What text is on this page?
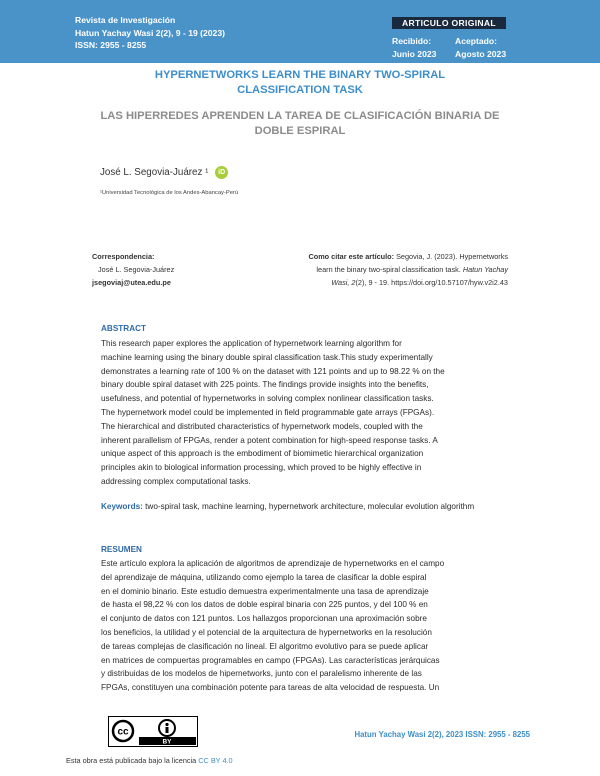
Revista de Investigación
Hatun Yachay Wasi 2(2), 9 - 19 (2023)
ISSN: 2955 - 8255
ARTICULO ORIGINAL
Recibido:
Junio 2023
Aceptado:
Agosto 2023
HYPERNETWORKS LEARN THE BINARY TWO-SPIRAL
CLASSIFICATION TASK
LAS HIPERREDES APRENDEN LA TAREA DE CLASIFICACIÓN BINARIA DE
DOBLE ESPIRAL
José L. Segovia-Juárez ¹ iD
¹Universidad Tecnológica de los Andes-Abancay-Perú
Correspondencia:
José L. Segovia-Juárez
jsegoviaj@utea.edu.pe
Como citar este artículo: Segovia, J. (2023). Hypernetworks
learn the binary two-spiral classification task. Hatun Yachay
Wasi, 2(2), 9 - 19. https://doi.org/10.57107/hyw.v2i2.43
ABSTRACT
This research paper explores the application of hypernetwork learning algorithm for
machine learning using the binary double spiral classification task.This study experimentally
demonstrates a learning rate of 100 % on the dataset with 121 points and up to 98.22 % on the
binary double spiral dataset with 225 points. The findings provide insights into the benefits,
usefulness, and potential of hypernetworks in solving complex nonlinear classification tasks.
The hypernetwork model could be implemented in field programmable gate arrays (FPGAs).
The hierarchical and distributed characteristics of hypernetwork models, coupled with the
inherent parallelism of FPGAs, render a potent combination for high-speed response tasks. A
unique aspect of this approach is the embodiment of biomimetic hierarchical organization
principles akin to biological information processing, which proved to be highly effective in
addressing complex computational tasks.
Keywords: two-spiral task, machine learning, hypernetwork architecture, molecular evolution algorithm
RESUMEN
Este artículo explora la aplicación de algoritmos de aprendizaje de hypernetworks en el campo
del aprendizaje de máquina, utilizando como ejemplo la tarea de clasificar la doble espiral
en el dominio binario. Este estudio demuestra experimentalmente una tasa de aprendizaje
de hasta el 98,22 % con los datos de doble espiral binaria con 225 puntos, y del 100 % en
el conjunto de datos con 121 puntos. Los hallazgos proporcionan una aproximación sobre
los beneficios, la utilidad y el potencial de la arquitectura de hypernetworks en la resolución
de tareas complejas de clasificación no lineal. El algoritmo evolutivo para se puede aplicar
en matrices de compuertas programables en campo (FPGAs). Las características jerárquicas
y distribuidas de los modelos de hipernetworks, junto con el paralelismo inherente de las
FPGAs, constituyen una combinación potente para tareas de alta velocidad de respuesta. Un
cc
BY
Hatun Yachay Wasi 2(2), 2023 ISSN: 2955 - 8255
Esta obra está publicada bajo la licencia CC BY 4.0
